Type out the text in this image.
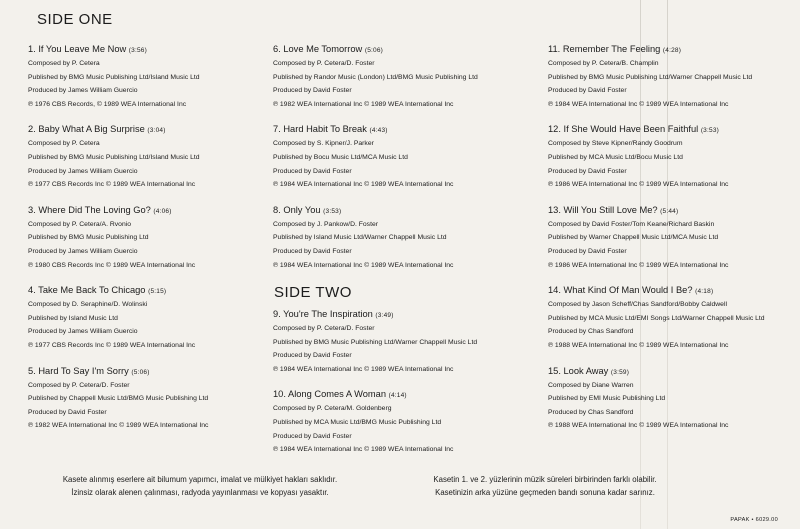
SIDE ONE
1. If You Leave Me Now (3:56)
Composed by P. Cetera
Published by BMG Music Publishing Ltd/Island Music Ltd
Produced by James William Guercio
℗ 1976 CBS Records, © 1989 WEA International Inc
2. Baby What A Big Surprise (3:04)
Composed by P. Cetera
Published by BMG Music Publishing Ltd/Island Music Ltd
Produced by James William Guercio
℗ 1977 CBS Records Inc © 1989 WEA International Inc
3. Where Did The Loving Go? (4:06)
Composed by P. Cetera/A. Rvonio
Published by BMG Music Publishing Ltd
Produced by James William Guercio
℗ 1980 CBS Records Inc © 1989 WEA International Inc
4. Take Me Back To Chicago (5:15)
Composed by D. Seraphine/D. Wolinski
Published by Island Music Ltd
Produced by James William Guercio
℗ 1977 CBS Records Inc © 1989 WEA International Inc
5. Hard To Say I'm Sorry (5:06)
Composed by P. Cetera/D. Foster
Published by Chappell Music Ltd/BMG Music Publishing Ltd
Produced by David Foster
℗ 1982 WEA International Inc © 1989 WEA International Inc
6. Love Me Tomorrow (5:06)
Composed by P. Cetera/D. Foster
Published by Randor Music (London) Ltd/BMG Music Publishing Ltd
Produced by David Foster
℗ 1982 WEA International Inc © 1989 WEA International Inc
7. Hard Habit To Break (4:43)
Composed by S. Kipner/J. Parker
Published by Bocu Music Ltd/MCA Music Ltd
Produced by David Foster
℗ 1984 WEA International Inc © 1989 WEA International Inc
8. Only You (3:53)
Composed by J. Pankow/D. Foster
Published by Island Music Ltd/Warner Chappell Music Ltd
Produced by David Foster
℗ 1984 WEA International Inc © 1989 WEA International Inc
SIDE TWO
9. You're The Inspiration (3:49)
Composed by P. Cetera/D. Foster
Published by BMG Music Publishing Ltd/Warner Chappell Music Ltd
Produced by David Foster
℗ 1984 WEA International Inc © 1989 WEA International Inc
10. Along Comes A Woman (4:14)
Composed by P. Cetera/M. Goldenberg
Published by MCA Music Ltd/BMG Music Publishing Ltd
Produced by David Foster
℗ 1984 WEA International Inc © 1989 WEA International Inc
11. Remember The Feeling (4:28)
Composed by P. Cetera/B. Champlin
Published by BMG Music Publishing Ltd/Warner Chappell Music Ltd
Produced by David Foster
℗ 1984 WEA International Inc © 1989 WEA International Inc
12. If She Would Have Been Faithful (3:53)
Composed by Steve Kipner/Randy Goodrum
Published by MCA Music Ltd/Bocu Music Ltd
Produced by David Foster
℗ 1986 WEA International Inc © 1989 WEA International Inc
13. Will You Still Love Me? (5:44)
Composed by David Foster/Tom Keane/Richard Baskin
Published by Warner Chappell Music Ltd/MCA Music Ltd
Produced by David Foster
℗ 1986 WEA International Inc © 1989 WEA International Inc
14. What Kind Of Man Would I Be? (4:18)
Composed by Jason Scheff/Chas Sandford/Bobby Caldwell
Published by MCA Music Ltd/EMI Songs Ltd/Warner Chappell Music Ltd
Produced by Chas Sandford
℗ 1988 WEA International Inc © 1989 WEA International Inc
15. Look Away (3:59)
Composed by Diane Warren
Published by EMI Music Publishing Ltd
Produced by Chas Sandford
℗ 1988 WEA International Inc © 1989 WEA International Inc
Kasete alınmış eserlere ait bilumum yapımcı, imalat ve mülkiyet hakları saklıdır.
İzinsiz olarak alenen çalınması, radyoda yayınlanması ve kopyası yasaktır.
Kasetin 1. ve 2. yüzlerinin müzik süreleri birbirinden farklı olabilir.
Kasetinizin arka yüzüne geçmeden bandı sonuna kadar sarınız.
PAPAK • 6029.00
